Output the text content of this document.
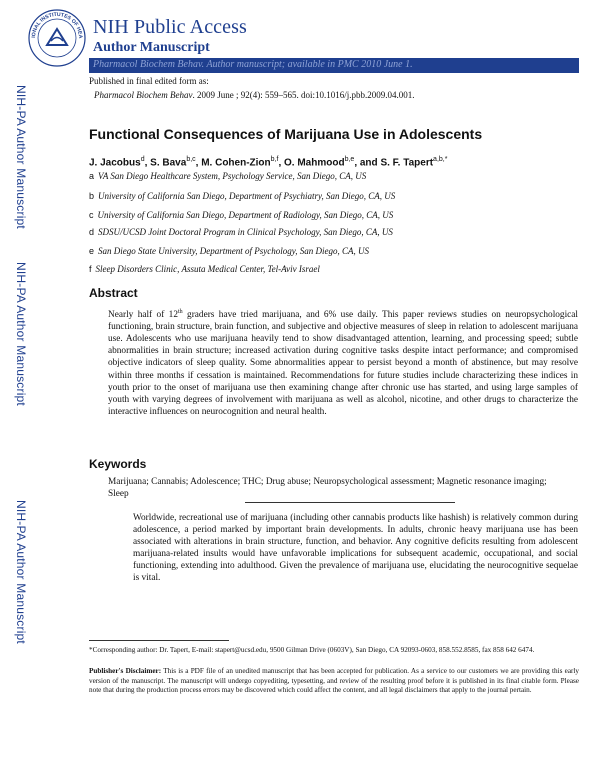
IONAL INSTITUTES OF HEA NIH Public Access
Author Manuscript
Pharmacol Biochem Behav. Author manuscript; available in PMC 2010 June 1.
Published in final edited form as:
Pharmacol Biochem Behav. 2009 June ; 92(4): 559–565. doi:10.1016/j.pbb.2009.04.001.
NIH-PA Author Manuscript
NIH-PA Author Manuscript
NIH-PA Author Manuscript
Functional Consequences of Marijuana Use in Adolescents
J. Jacobus$^d$, S. Bava$^{b,c}$, M. Cohen-Zion$^{b,f}$, O. Mahmood$^{b,e}$, and S. F. Tapert$^{a,b,*}$
a VA San Diego Healthcare System, Psychology Service, San Diego, CA, US
b University of California San Diego, Department of Psychiatry, San Diego, CA, US
c University of California San Diego, Department of Radiology, San Diego, CA, US
d SDSU/UCSD Joint Doctoral Program in Clinical Psychology, San Diego, CA, US
e San Diego State University, Department of Psychology, San Diego, CA, US
f Sleep Disorders Clinic, Assuta Medical Center, Tel-Aviv Israel
Abstract
Nearly half of 12th graders have tried marijuana, and 6% use daily. This paper reviews studies on neuropsychological functioning, brain structure, brain function, and subjective and objective measures of sleep in relation to adolescent marijuana use. Adolescents who use marijuana heavily tend to show disadvantaged attention, learning, and processing speed; subtle abnormalities in brain structure; increased activation during cognitive tasks despite intact performance; and compromised objective indicators of sleep quality. Some abnormalities appear to persist beyond a month of abstinence, but may resolve within three months if cessation is maintained. Recommendations for future studies include characterizing these indices in youth prior to the onset of marijuana use then examining change after chronic use has started, and using large samples of youth with varying degrees of involvement with marijuana as well as alcohol, nicotine, and other drugs to characterize the interactive influences on neurocognition and neural health.
Keywords
Marijuana; Cannabis; Adolescence; THC; Drug abuse; Neuropsychological assessment; Magnetic resonance imaging; Sleep
Worldwide, recreational use of marijuana (including other cannabis products like hashish) is relatively common during adolescence, a period marked by important brain developments. In adults, chronic heavy marijuana use has been associated with alterations in brain structure, function, and behavior. Any cognitive deficits resulting from adolescent marijuana-related insults would have unfavorable implications for subsequent academic, occupational, and social functioning, extending into adulthood. Given the prevalence of marijuana use, elucidating the neurocognitive sequelae is vital.
*Corresponding author: Dr. Tapert, E-mail: stapert@ucsd.edu, 9500 Gilman Drive (0603V), San Diego, CA 92093-0603, 858.552.8585, fax 858 642 6474.
Publisher's Disclaimer: This is a PDF file of an unedited manuscript that has been accepted for publication. As a service to our customers we are providing this early version of the manuscript. The manuscript will undergo copyediting, typesetting, and review of the resulting proof before it is published in its final citable form. Please note that during the production process errors may be discovered which could affect the content, and all legal disclaimers that apply to the journal pertain.
